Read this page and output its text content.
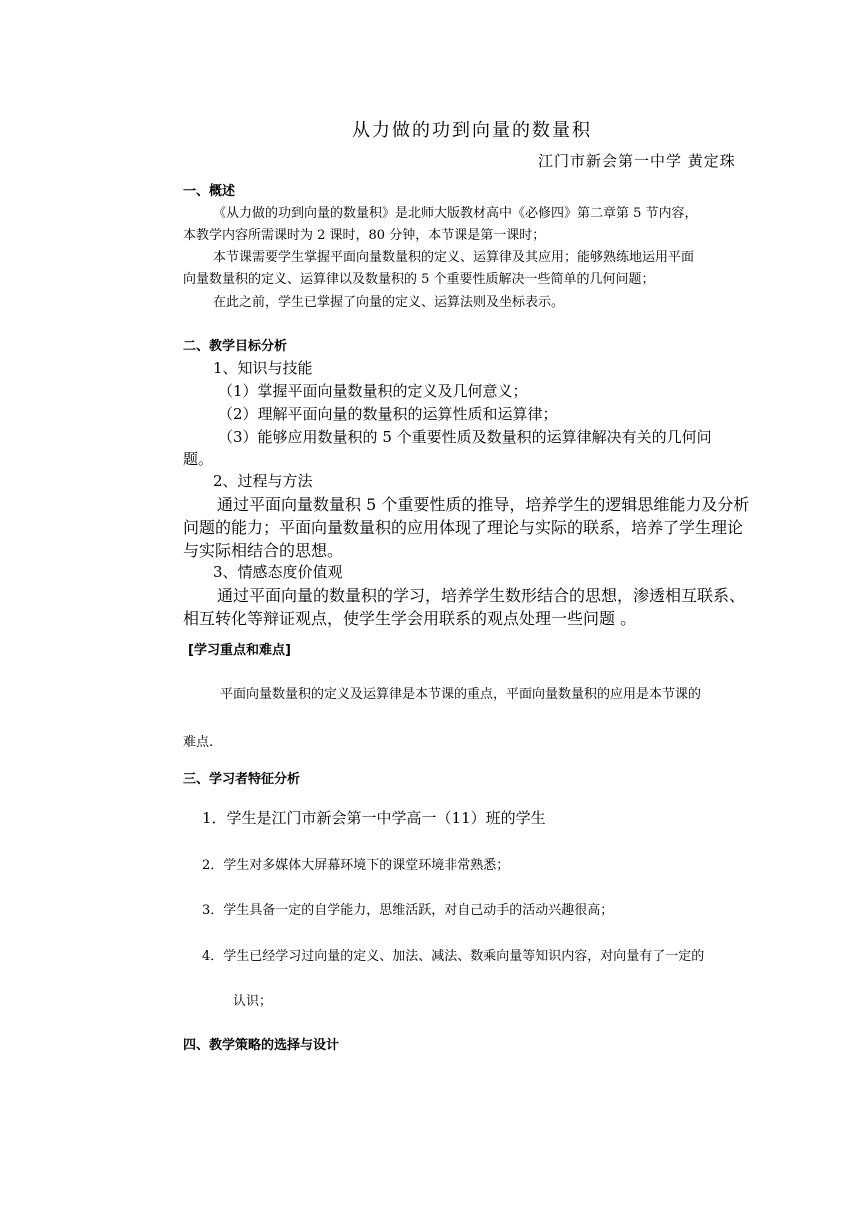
从力做的功到向量的数量积
江门市新会第一中学 黄定珠
一、概述
《从力做的功到向量的数量积》是北师大版教材高中《必修四》第二章第 5 节内容，
本教学内容所需课时为 2 课时，80 分钟，本节课是第一课时；
本节课需要学生掌握平面向量数量积的定义、运算律及其应用；能够熟练地运用平面
向量数量积的定义、运算律以及数量积的 5 个重要性质解决一些简单的几何问题；
在此之前，学生已掌握了向量的定义、运算法则及坐标表示。
二、教学目标分析
1、知识与技能
（1）掌握平面向量数量积的定义及几何意义；
（2）理解平面向量的数量积的运算性质和运算律；
（3）能够应用数量积的 5 个重要性质及数量积的运算律解决有关的几何问
题。
2、过程与方法
通过平面向量数量积 5 个重要性质的推导，培养学生的逻辑思维能力及分析
问题的能力；平面向量数量积的应用体现了理论与实际的联系，培养了学生理论
与实际相结合的思想。
3、情感态度价值观
通过平面向量的数量积的学习，培养学生数形结合的思想，渗透相互联系、
相互转化等辩证观点，使学生学会用联系的观点处理一些问题 。
[学习重点和难点]
平面向量数量积的定义及运算律是本节课的重点，平面向量数量积的应用是本节课的
难点.
三、学习者特征分析
1．学生是江门市新会第一中学高一（11）班的学生
2．学生对多媒体大屏幕环境下的课堂环境非常熟悉；
3．学生具备一定的自学能力，思维活跃，对自己动手的活动兴趣很高；
4．学生已经学习过向量的定义、加法、减法、数乘向量等知识内容，对向量有了一定的
认识；
四、教学策略的选择与设计
